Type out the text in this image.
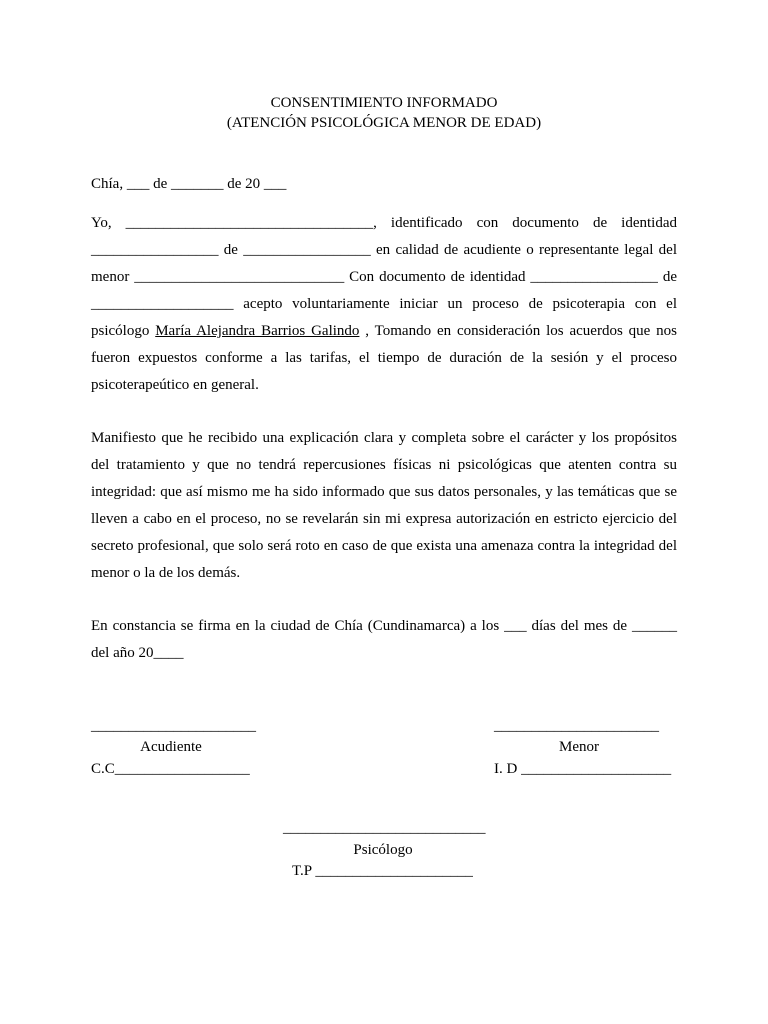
CONSENTIMIENTO INFORMADO
(ATENCIÓN PSICOLÓGICA MENOR DE EDAD)
Chía, ___ de _______ de 20 ___
Yo, _________________________________, identificado con documento de identidad
_________________ de _________________ en calidad de acudiente o representante legal del
menor ____________________________ Con documento de identidad _________________ de
___________________ acepto voluntariamente iniciar un proceso de psicoterapia con el
psicólogo María Alejandra Barrios Galindo , Tomando en consideración los acuerdos que nos
fueron expuestos conforme a las tarifas, el tiempo de duración de la sesión y el proceso
psicoterapeútico en general.
Manifiesto que he recibido una explicación clara y completa sobre el carácter y los propósitos
del tratamiento y que no tendrá repercusiones físicas ni psicológicas que atenten contra su
integridad: que así mismo me ha sido informado que sus datos personales, y las temáticas que se
lleven a cabo en el proceso, no se revelarán sin mi expresa autorización en estricto ejercicio del
secreto profesional, que solo será roto en caso de que exista una amenaza contra la integridad del
menor o la de los demás.
En constancia se firma en la ciudad de Chía (Cundinamarca) a los ___ días del mes de ______
del año 20____
______________________
Acudiente
C.C__________________
______________________
Menor
I. D ____________________
___________________________
Psicólogo
T.P _____________________
